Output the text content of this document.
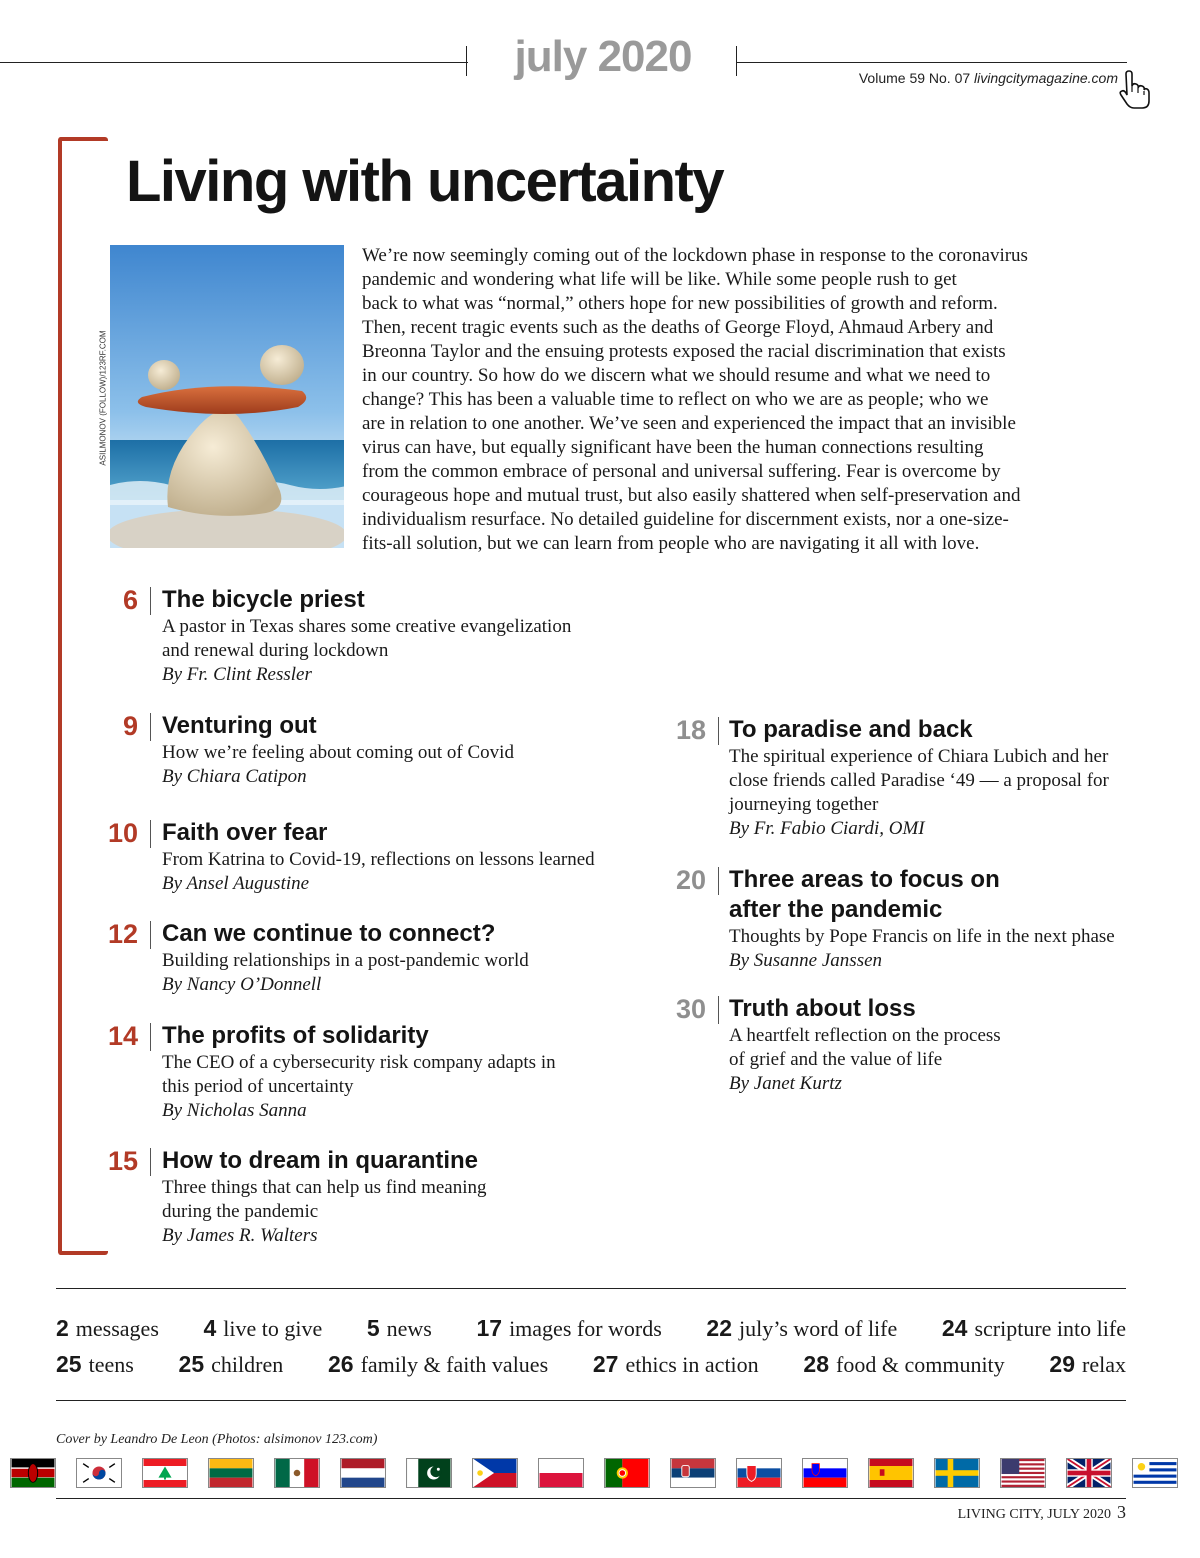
july 2020	Volume 59 No. 07 livingcitymagazine.com
Living with uncertainty
ASILMONOV (FOLLOW)/123RF.COM
We’re now seemingly coming out of the lockdown phase in response to the coronavirus
pandemic and wondering what life will be like. While some people rush to get
back to what was “normal,” others hope for new possibilities of growth and reform.
Then, recent tragic events such as the deaths of George Floyd, Ahmaud Arbery and
Breonna Taylor and the ensuing protests exposed the racial discrimination that exists
in our country. So how do we discern what we should resume and what we need to
change? This has been a valuable time to reflect on who we are as people; who we
are in relation to one another. We’ve seen and experienced the impact that an invisible
virus can have, but equally significant have been the human connections resulting
from the common embrace of personal and universal suffering. Fear is overcome by
courageous hope and mutual trust, but also easily shattered when self-preservation and
individualism resurface. No detailed guideline for discernment exists, nor a one-size-
fits-all solution, but we can learn from people who are navigating it all with love.
6 The bicycle priest
A pastor in Texas shares some creative evangelization
and renewal during lockdown
By Fr. Clint Ressler
9 Venturing out
How we’re feeling about coming out of Covid
By Chiara Catipon
10 Faith over fear
From Katrina to Covid-19, reflections on lessons learned
By Ansel Augustine
12 Can we continue to connect?
Building relationships in a post-pandemic world
By Nancy O’Donnell
14 The profits of solidarity
The CEO of a cybersecurity risk company adapts in
this period of uncertainty
By Nicholas Sanna
15 How to dream in quarantine
Three things that can help us find meaning
during the pandemic
By James R. Walters
18 To paradise and back
The spiritual experience of Chiara Lubich and her
close friends called Paradise ‘49 — a proposal for
journeying together
By Fr. Fabio Ciardi, OMI
20 Three areas to focus on
after the pandemic
Thoughts by Pope Francis on life in the next phase
By Susanne Janssen
30 Truth about loss
A heartfelt reflection on the process
of grief and the value of life
By Janet Kurtz
2 messages 4 live to give 5 news 17 images for words 22 july’s word of life 24 scripture into life
25 teens 25 children 26 family & faith values 27 ethics in action 28 food & community 29 relax
Cover by Leandro De Leon (Photos: alsimonov 123.com)
LIVING CITY, JULY 2020 3
